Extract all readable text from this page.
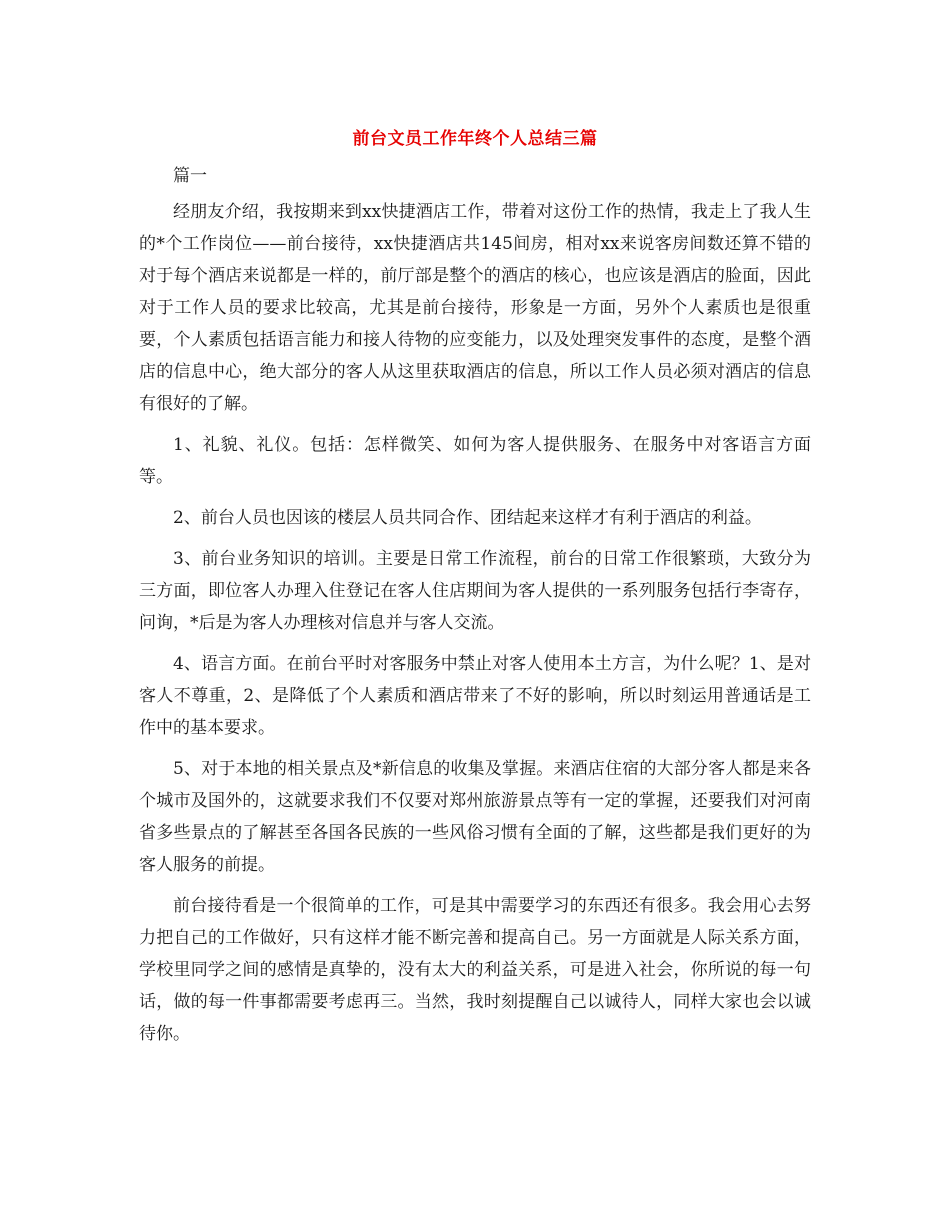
前台文员工作年终个人总结三篇

篇一

经朋友介绍，我按期来到xx快捷酒店工作，带着对这份工作的热情，我走上了我人生的*个工作岗位——前台接待，xx快捷酒店共145间房，相对xx来说客房间数还算不错的对于每个酒店来说都是一样的，前厅部是整个的酒店的核心，也应该是酒店的脸面，因此对于工作人员的要求比较高，尤其是前台接待，形象是一方面，另外个人素质也是很重要，个人素质包括语言能力和接人待物的应变能力，以及处理突发事件的态度，是整个酒店的信息中心，绝大部分的客人从这里获取酒店的信息，所以工作人员必须对酒店的信息有很好的了解。

1、礼貌、礼仪。包括：怎样微笑、如何为客人提供服务、在服务中对客语言方面等。

2、前台人员也因该的楼层人员共同合作、团结起来这样才有利于酒店的利益。

3、前台业务知识的培训。主要是日常工作流程，前台的日常工作很繁琐，大致分为三方面，即位客人办理入住登记在客人住店期间为客人提供的一系列服务包括行李寄存，问询，*后是为客人办理核对信息并与客人交流。

4、语言方面。在前台平时对客服务中禁止对客人使用本土方言，为什么呢？1、是对客人不尊重，2、是降低了个人素质和酒店带来了不好的影响，所以时刻运用普通话是工作中的基本要求。

5、对于本地的相关景点及*新信息的收集及掌握。来酒店住宿的大部分客人都是来各个城市及国外的，这就要求我们不仅要对郑州旅游景点等有一定的掌握，还要我们对河南省多些景点的了解甚至各国各民族的一些风俗习惯有全面的了解，这些都是我们更好的为客人服务的前提。

前台接待看是一个很简单的工作，可是其中需要学习的东西还有很多。我会用心去努力把自己的工作做好，只有这样才能不断完善和提高自己。另一方面就是人际关系方面，学校里同学之间的感情是真挚的，没有太大的利益关系，可是进入社会，你所说的每一句话，做的每一件事都需要考虑再三。当然，我时刻提醒自己以诚待人，同样大家也会以诚待你。
